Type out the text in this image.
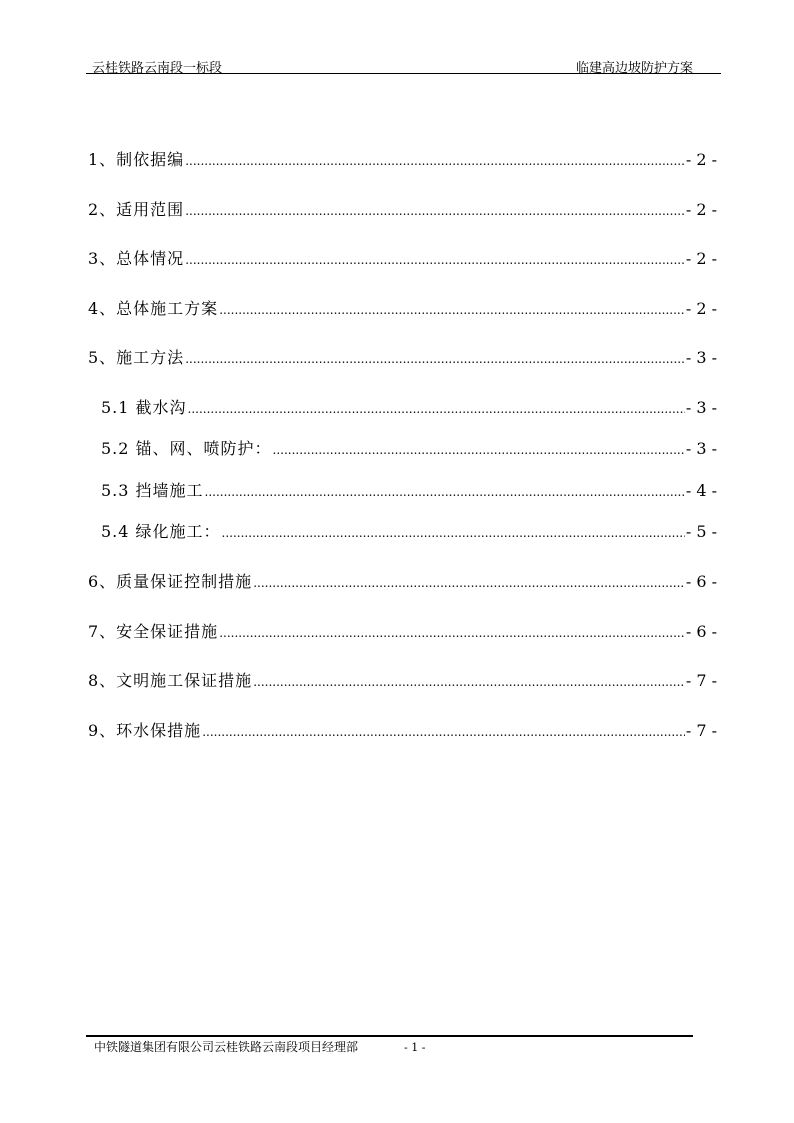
云桂铁路云南段一标段	临建高边坡防护方案
1、制依据编 .....	- 2 -
2、适用范围 .....	- 2 -
3、总体情况 .....	- 2 -
4、总体施工方案 .....	- 2 -
5、施工方法 .....	- 3 -
5.1 截水沟 .....	- 3 -
5.2 锚、网、喷防护： .....	- 3 -
5.3 挡墙施工 .....	- 4 -
5.4 绿化施工： .....	- 5 -
6、质量保证控制措施 .....	- 6 -
7、安全保证措施 .....	- 6 -
8、文明施工保证措施 .....	- 7 -
9、环水保措施 .....	- 7 -
中铁隧道集团有限公司云桂铁路云南段项目经理部	- 1 -
